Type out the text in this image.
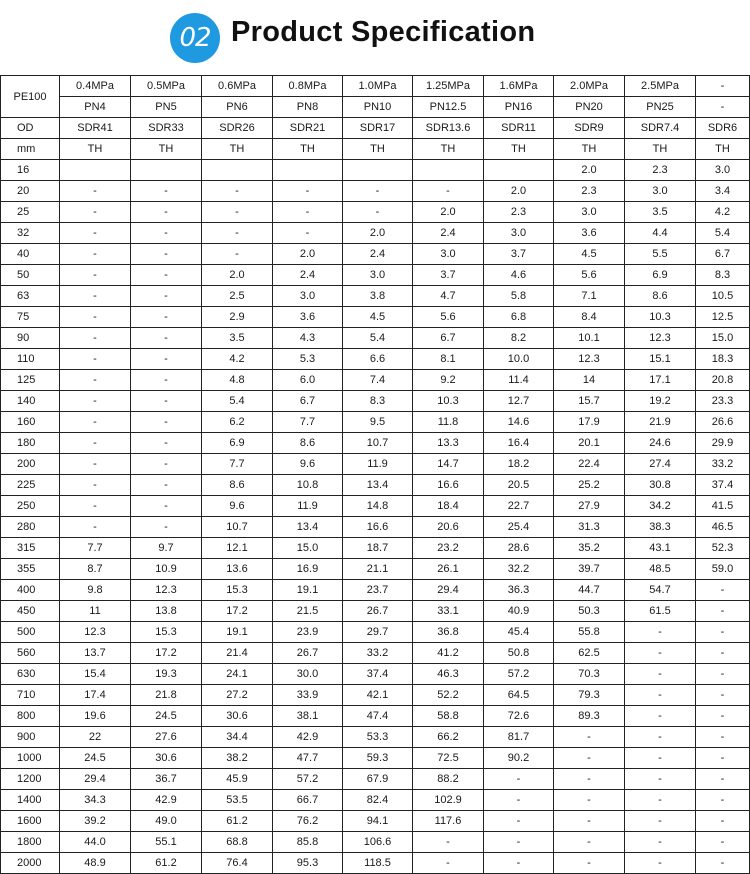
02 Product Specification
PE100	0.4MPa	0.5MPa	0.6MPa	0.8MPa	1.0MPa	1.25MPa	1.6MPa	2.0MPa	2.5MPa	-
	PN4	PN5	PN6	PN8	PN10	PN12.5	PN16	PN20	PN25	-
OD	SDR41	SDR33	SDR26	SDR21	SDR17	SDR13.6	SDR11	SDR9	SDR7.4	SDR6
mm	TH	TH	TH	TH	TH	TH	TH	TH	TH	TH
16								2.0	2.3	3.0
20	-	-	-	-	-	-	2.0	2.3	3.0	3.4
25	-	-	-	-	-	2.0	2.3	3.0	3.5	4.2
32	-	-	-	-	2.0	2.4	3.0	3.6	4.4	5.4
40	-	-	-	2.0	2.4	3.0	3.7	4.5	5.5	6.7
50	-	-	2.0	2.4	3.0	3.7	4.6	5.6	6.9	8.3
63	-	-	2.5	3.0	3.8	4.7	5.8	7.1	8.6	10.5
75	-	-	2.9	3.6	4.5	5.6	6.8	8.4	10.3	12.5
90	-	-	3.5	4.3	5.4	6.7	8.2	10.1	12.3	15.0
110	-	-	4.2	5.3	6.6	8.1	10.0	12.3	15.1	18.3
125	-	-	4.8	6.0	7.4	9.2	11.4	14	17.1	20.8
140	-	-	5.4	6.7	8.3	10.3	12.7	15.7	19.2	23.3
160	-	-	6.2	7.7	9.5	11.8	14.6	17.9	21.9	26.6
180	-	-	6.9	8.6	10.7	13.3	16.4	20.1	24.6	29.9
200	-	-	7.7	9.6	11.9	14.7	18.2	22.4	27.4	33.2
225	-	-	8.6	10.8	13.4	16.6	20.5	25.2	30.8	37.4
250	-	-	9.6	11.9	14.8	18.4	22.7	27.9	34.2	41.5
280	-	-	10.7	13.4	16.6	20.6	25.4	31.3	38.3	46.5
315	7.7	9.7	12.1	15.0	18.7	23.2	28.6	35.2	43.1	52.3
355	8.7	10.9	13.6	16.9	21.1	26.1	32.2	39.7	48.5	59.0
400	9.8	12.3	15.3	19.1	23.7	29.4	36.3	44.7	54.7	-
450	11	13.8	17.2	21.5	26.7	33.1	40.9	50.3	61.5	-
500	12.3	15.3	19.1	23.9	29.7	36.8	45.4	55.8	-	-
560	13.7	17.2	21.4	26.7	33.2	41.2	50.8	62.5	-	-
630	15.4	19.3	24.1	30.0	37.4	46.3	57.2	70.3	-	-
710	17.4	21.8	27.2	33.9	42.1	52.2	64.5	79.3	-	-
800	19.6	24.5	30.6	38.1	47.4	58.8	72.6	89.3	-	-
900	22	27.6	34.4	42.9	53.3	66.2	81.7	-	-	-
1000	24.5	30.6	38.2	47.7	59.3	72.5	90.2	-	-	-
1200	29.4	36.7	45.9	57.2	67.9	88.2	-	-	-	-
1400	34.3	42.9	53.5	66.7	82.4	102.9	-	-	-	-
1600	39.2	49.0	61.2	76.2	94.1	117.6	-	-	-	-
1800	44.0	55.1	68.8	85.8	106.6	-	-	-	-	-
2000	48.9	61.2	76.4	95.3	118.5	-	-	-	-	-
